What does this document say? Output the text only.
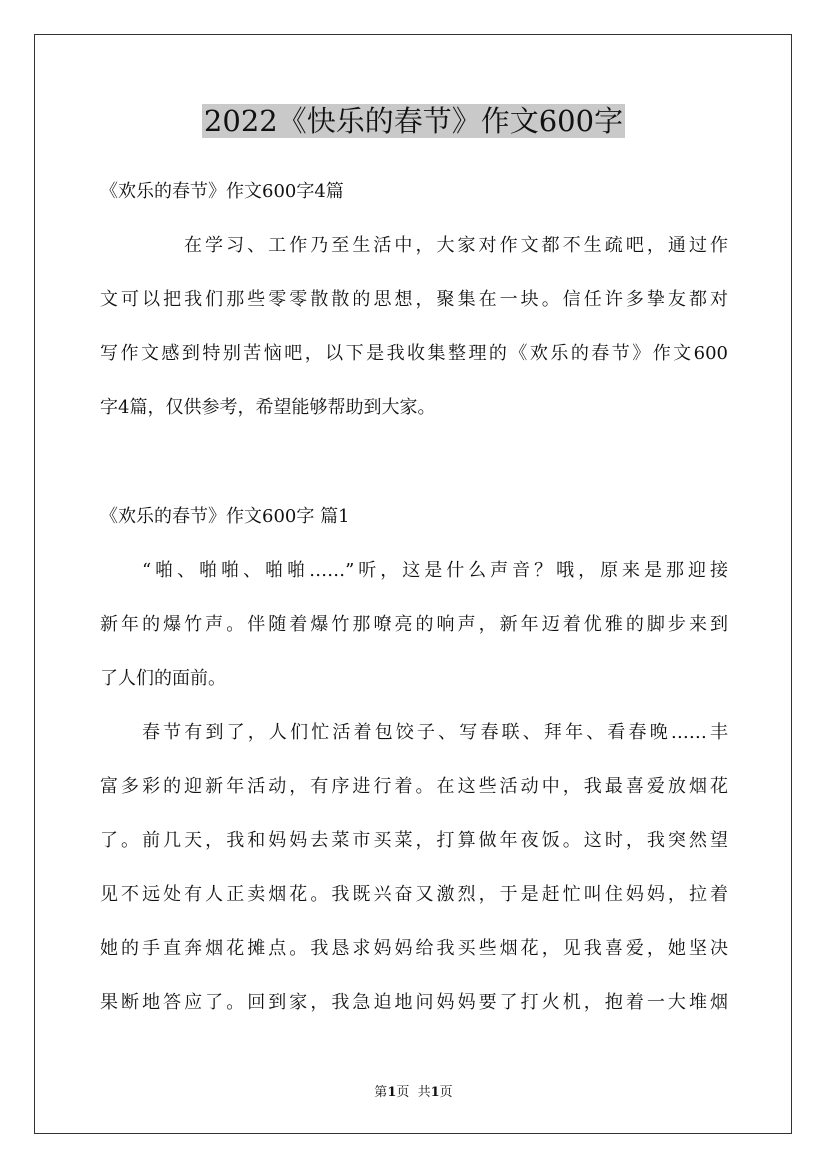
2022《快乐的春节》作文600字

《欢乐的春节》作文600字4篇

在学习、工作乃至生活中，大家对作文都不生疏吧，通过作

文可以把我们那些零零散散的思想，聚集在一块。信任许多挚友都对

写作文感到特别苦恼吧，以下是我收集整理的《欢乐的春节》作文600

字4篇，仅供参考，希望能够帮助到大家。

《欢乐的春节》作文600字 篇1

“啪、啪啪、啪啪……”听，这是什么声音？哦，原来是那迎接

新年的爆竹声。伴随着爆竹那嘹亮的响声，新年迈着优雅的脚步来到

了人们的面前。

春节有到了，人们忙活着包饺子、写春联、拜年、看春晚……丰

富多彩的迎新年活动，有序进行着。在这些活动中，我最喜爱放烟花

了。前几天，我和妈妈去菜市买菜，打算做年夜饭。这时，我突然望

见不远处有人正卖烟花。我既兴奋又激烈，于是赶忙叫住妈妈，拉着

她的手直奔烟花摊点。我恳求妈妈给我买些烟花，见我喜爱，她坚决

果断地答应了。回到家，我急迫地问妈妈要了打火机，抱着一大堆烟

第1页  共1页
